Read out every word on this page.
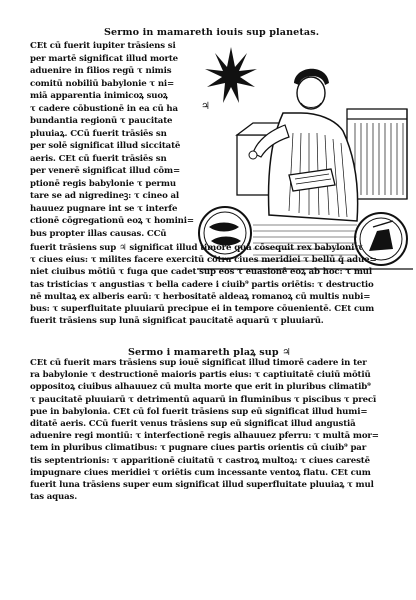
Sermo in mamareth iouis sup planetas.
CEt cū fuerit iupiter trāsiens si
per martē significat illud morte
aduenire in filios regū τ nimis
comitū nobiliū babylonie τ ni=
miā apparentia inimicoꝝ suoꝝ
τ cadere cōbustionē in ea cū ha
bundantia regionū τ paucitate
pluuiaꝝ. CCū fuerit trāsiēs sn
per solē significat illud siccitatē
aeris. CEt cū fuerit trāsiēs sn
per venerē significat illud cōm=
ptionē regis babylonie τ permu
tare se ad nigredineꝫ: τ cineo al
hauuez pugnare int se τ interfe
ctionē cōgregationū eoꝝ τ homini=
bus propter illas causas. CCū
♃
fuerit trāsiens sup ♃ significat illud timorē quā cōsequit rex babyloni τ
τ ciues eius: τ milites facere exercitū cōtra ciues meridiei τ bellū q̄ adue=
niet ciuibus mōtiū τ fuga que cadet sup eos τ euasionē eoꝝ ab hoc: τ mul
tas tristicias τ angustias τ bella cadere i ciuib⁹ partis oriētis: τ destructio
nē multaꝝ ex alberis earū: τ herbositatē aldeaꝝ romanoꝝ cū multis nubi=
bus: τ superfluitate pluuiarū precipue ei in tempore cōuenientē. CEt cum
fuerit trāsiens sup lunā significat paucitatē aquarū τ pluuiarū.
Sermo i mamareth plaꝝ sup ♃
CEt cū fuerit mars trāsiens sup iouē significat illud timorē cadere in ter
ra babylonie τ destructionē maioris partis eius: τ captiuitatē ciuiū mōtiū
oppositoꝝ ciuibus alhauuez cū multa morte que erit in pluribus climatib⁹
τ paucitatē pluuiarū τ detrimentū aquarū in fluminibus τ piscibus τ precī
pue in babylonia. CEt cū fol fuerit trāsiens sup eū significat illud humi=
ditatē aeris. CCū fuerit venus trāsiens sup eū significat illud angustiā
aduenire regi montiū: τ interfectionē regis alhauuez pferru: τ multā mor=
tem in pluribus climatibus: τ pugnare ciues partis orientis cū ciuib⁹ par
tis septentrionis: τ apparitionē ciuitatū τ castroꝝ multoꝝ: τ ciues carestē
impugnare ciues meridiei τ oriētis cum incessante ventoꝝ flatu. CEt cum
fuerit luna trāsiens super eum significat illud superfluitate pluuiaꝝ τ mul
tas aquas.
